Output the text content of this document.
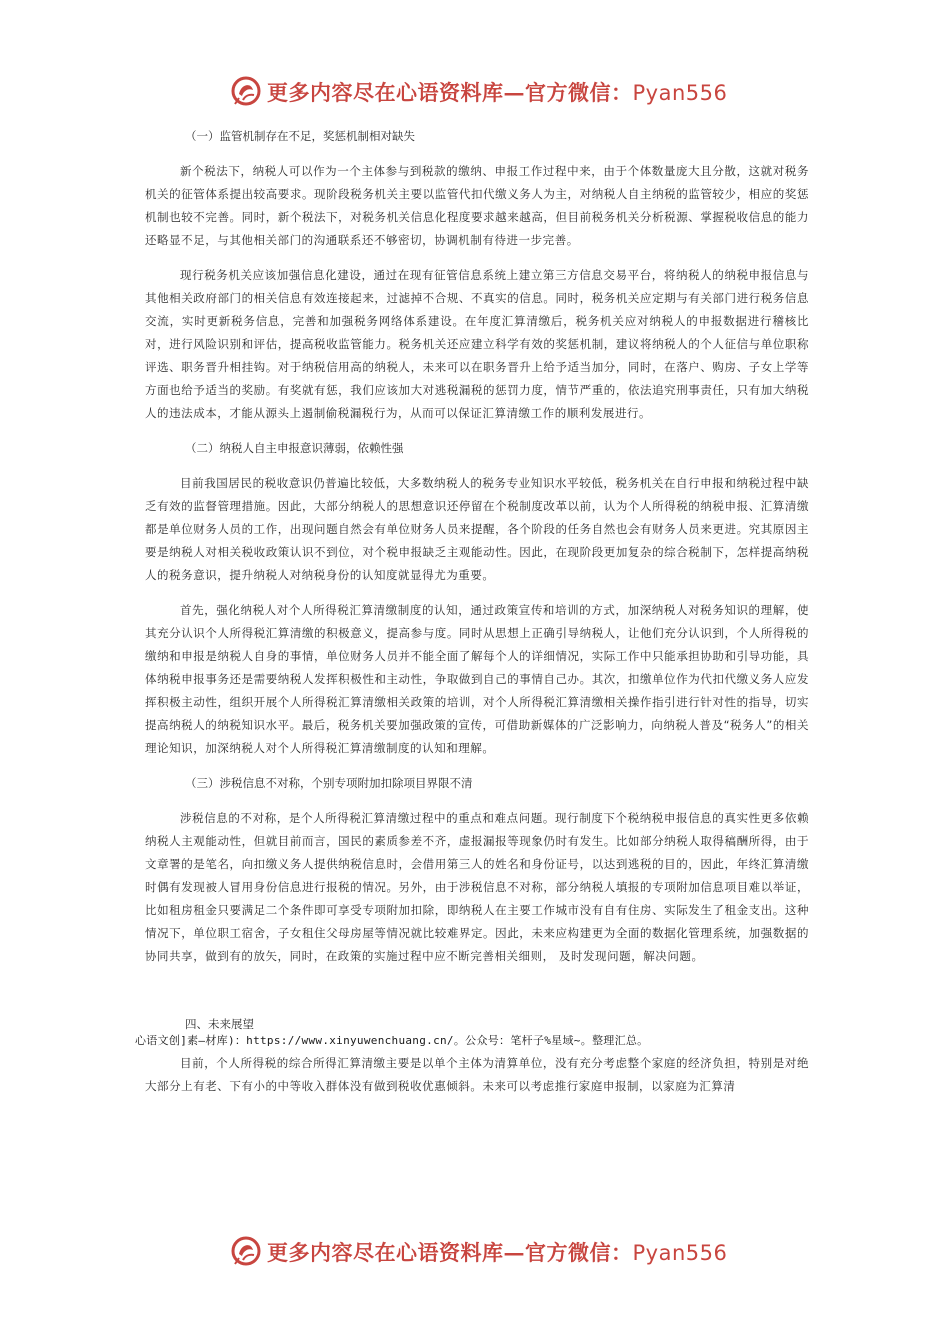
更多内容尽在心语资料库—官方微信：Pyan556

（一）监管机制存在不足，奖惩机制相对缺失

新个税法下，纳税人可以作为一个主体参与到税款的缴纳、申报工作过程中来，由于个体数量庞大且分散，这就对税务机关的征管体系提出较高要求。现阶段税务机关主要以监管代扣代缴义务人为主，对纳税人自主纳税的监管较少，相应的奖惩机制也较不完善。同时，新个税法下，对税务机关信息化程度要求越来越高，但目前税务机关分析税源、掌握税收信息的能力还略显不足，与其他相关部门的沟通联系还不够密切，协调机制有待进一步完善。

现行税务机关应该加强信息化建设，通过在现有征管信息系统上建立第三方信息交易平台，将纳税人的纳税申报信息与其他相关政府部门的相关信息有效连接起来，过滤掉不合规、不真实的信息。同时，税务机关应定期与有关部门进行税务信息交流，实时更新税务信息，完善和加强税务网络体系建设。在年度汇算清缴后，税务机关应对纳税人的申报数据进行稽核比对，进行风险识别和评估，提高税收监管能力。税务机关还应建立科学有效的奖惩机制，建议将纳税人的个人征信与单位职称评选、职务晋升相挂钩。对于纳税信用高的纳税人，未来可以在职务晋升上给予适当加分，同时，在落户、购房、子女上学等方面也给予适当的奖励。有奖就有惩，我们应该加大对逃税漏税的惩罚力度，情节严重的，依法追究刑事责任，只有加大纳税人的违法成本，才能从源头上遏制偷税漏税行为，从而可以保证汇算清缴工作的顺利发展进行。

（二）纳税人自主申报意识薄弱，依赖性强

目前我国居民的税收意识仍普遍比较低，大多数纳税人的税务专业知识水平较低，税务机关在自行申报和纳税过程中缺乏有效的监督管理措施。因此，大部分纳税人的思想意识还停留在个税制度改革以前，认为个人所得税的纳税申报、汇算清缴都是单位财务人员的工作，出现问题自然会有单位财务人员来提醒，各个阶段的任务自然也会有财务人员来更进。究其原因主要是纳税人对相关税收政策认识不到位，对个税申报缺乏主观能动性。因此，在现阶段更加复杂的综合税制下，怎样提高纳税人的税务意识，提升纳税人对纳税身份的认知度就显得尤为重要。

首先，强化纳税人对个人所得税汇算清缴制度的认知，通过政策宣传和培训的方式，加深纳税人对税务知识的理解，使其充分认识个人所得税汇算清缴的积极意义，提高参与度。同时从思想上正确引导纳税人，让他们充分认识到，个人所得税的缴纳和申报是纳税人自身的事情，单位财务人员并不能全面了解每个人的详细情况，实际工作中只能承担协助和引导功能，具体纳税申报事务还是需要纳税人发挥积极性和主动性，争取做到自己的事情自己办。其次，扣缴单位作为代扣代缴义务人应发挥积极主动性，组织开展个人所得税汇算清缴相关政策的培训，对个人所得税汇算清缴相关操作指引进行针对性的指导，切实提高纳税人的纳税知识水平。最后，税务机关要加强政策的宣传，可借助新媒体的广泛影响力，向纳税人普及“税务人”的相关理论知识，加深纳税人对个人所得税汇算清缴制度的认知和理解。

（三）涉税信息不对称，个别专项附加扣除项目界限不清

涉税信息的不对称，是个人所得税汇算清缴过程中的重点和难点问题。现行制度下个税纳税申报信息的真实性更多依赖纳税人主观能动性，但就目前而言，国民的素质参差不齐，虚报漏报等现象仍时有发生。比如部分纳税人取得稿酬所得，由于文章署的是笔名，向扣缴义务人提供纳税信息时，会借用第三人的姓名和身份证号，以达到逃税的目的，因此，年终汇算清缴时偶有发现被人冒用身份信息进行报税的情况。另外，由于涉税信息不对称，部分纳税人填报的专项附加信息项目难以举证，比如租房租金只要满足二个条件即可享受专项附加扣除，即纳税人在主要工作城市没有自有住房、实际发生了租金支出。这种情况下，单位职工宿舍，子女租住父母房屋等情况就比较难界定。因此，未来应构建更为全面的数据化管理系统，加强数据的协同共享，做到有的放矢，同时，在政策的实施过程中应不断完善相关细则， 及时发现问题，解决问题。

四、未来展望

目前，个人所得税的综合所得汇算清缴主要是以单个主体为清算单位，没有充分考虑整个家庭的经济负担，特别是对绝大部分上有老、下有小的中等收入群体没有做到税收优惠倾斜。未来可以考虑推行家庭申报制，以家庭为汇算清

心语文创]素—材库)：https://www.xinyuwenchuang.cn/。公众号：笔杆子%星域~。整理汇总。
更多内容尽在心语资料库—官方微信：Pyan556
